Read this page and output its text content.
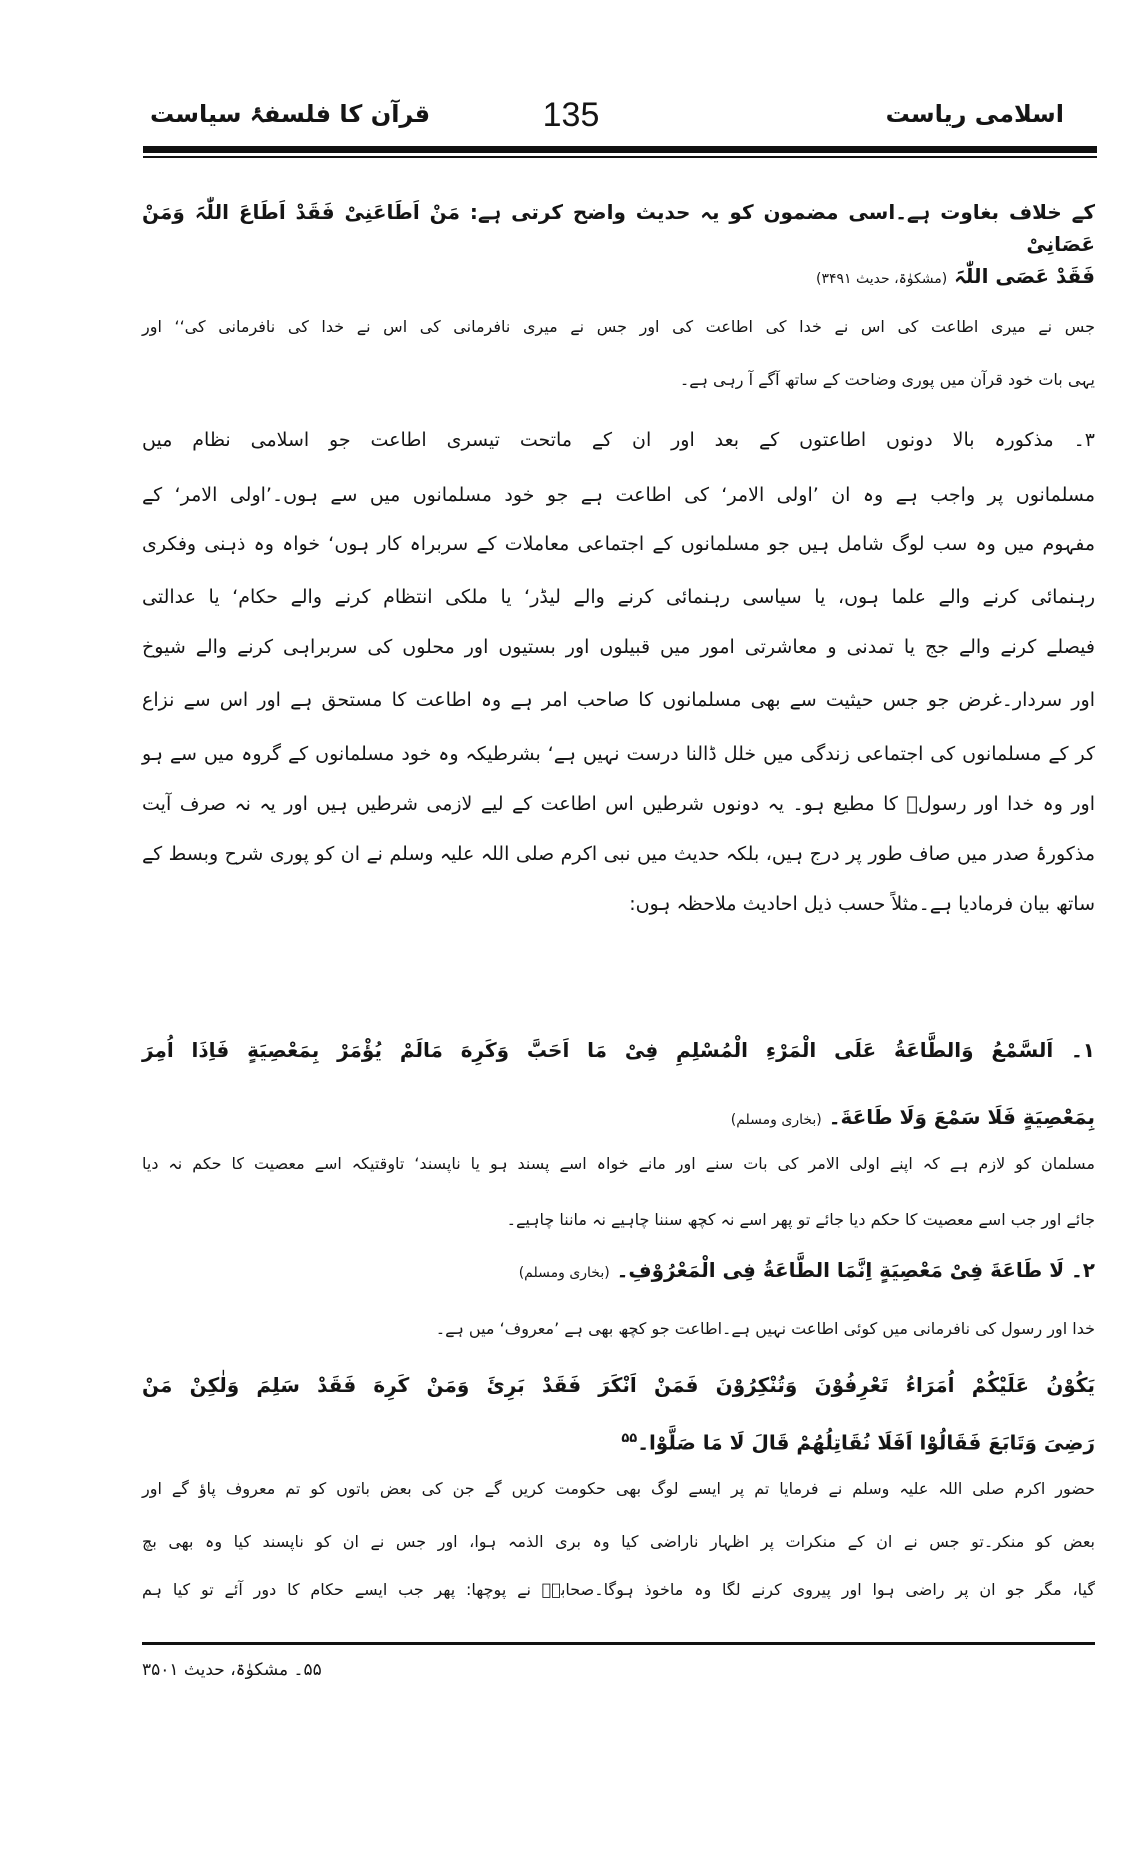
قرآن کا فلسفۂ سیاست	135	اسلامی ریاست
کے خلاف بغاوت ہے۔اسی مضمون کو یہ حدیث واضح کرتی ہے: مَنْ اَطَاعَنِیْ فَقَدْ اَطَاعَ اللّٰہَ وَمَنْ عَصَانِیْ
فَقَدْ عَصَی اللّٰہَ (مشکوٰۃ، حدیث ۳۴۹۱)
جس نے میری اطاعت کی اس نے خدا کی اطاعت کی اور جس نے میری نافرمانی کی اس نے خدا کی نافرمانی کی‘‘ اور
یہی بات خود قرآن میں پوری وضاحت کے ساتھ آگے آ رہی ہے۔
۳۔ مذکورہ بالا دونوں اطاعتوں کے بعد اور ان کے ماتحت تیسری اطاعت جو اسلامی نظام میں
مسلمانوں پر واجب ہے وہ ان ’اولی الامر‘ کی اطاعت ہے جو خود مسلمانوں میں سے ہوں۔’اولی الامر‘ کے
مفہوم میں وہ سب لوگ شامل ہیں جو مسلمانوں کے اجتماعی معاملات کے سربراہ کار ہوں‘ خواہ وہ ذہنی وفکری
رہنمائی کرنے والے علما ہوں، یا سیاسی رہنمائی کرنے والے لیڈر‘ یا ملکی انتظام کرنے والے حکام‘ یا عدالتی
فیصلے کرنے والے جج یا تمدنی و معاشرتی امور میں قبیلوں اور بستیوں اور محلوں کی سربراہی کرنے والے شیوخ
اور سردار۔غرض جو جس حیثیت سے بھی مسلمانوں کا صاحب امر ہے وہ اطاعت کا مستحق ہے اور اس سے نزاع
کر کے مسلمانوں کی اجتماعی زندگی میں خلل ڈالنا درست نہیں ہے‘ بشرطیکہ وہ خود مسلمانوں کے گروہ میں سے ہو
اور وہ خدا اور رسولؐ کا مطیع ہو۔ یہ دونوں شرطیں اس اطاعت کے لیے لازمی شرطیں ہیں اور یہ نہ صرف آیت
مذکورۂ صدر میں صاف طور پر درج ہیں، بلکہ حدیث میں نبی اکرم صلی اللہ علیہ وسلم نے ان کو پوری شرح وبسط کے
ساتھ بیان فرمادیا ہے۔مثلاً حسب ذیل احادیث ملاحظہ ہوں:
۱۔ اَلسَّمْعُ وَالطَّاعَةُ عَلَی الْمَرْءِ الْمُسْلِمِ فِیْ مَا اَحَبَّ وَكَرِهَ مَالَمْ یُؤْمَرْ بِمَعْصِیَةٍ فَاِذَا اُمِرَ
بِمَعْصِیَةٍ فَلَا سَمْعَ وَلَا طَاعَةَ۔ (بخاری ومسلم)
مسلمان کو لازم ہے کہ اپنے اولی الامر کی بات سنے اور مانے خواہ اسے پسند ہو یا ناپسند‘ تاوقتیکہ اسے معصیت کا حکم نہ دیا
جائے اور جب اسے معصیت کا حکم دیا جائے تو پھر اسے نہ کچھ سننا چاہیے نہ ماننا چاہیے۔
۲۔ لَا طَاعَةَ فِیْ مَعْصِیَةٍ اِنَّمَا الطَّاعَةُ فِی الْمَعْرُوْفِ۔ (بخاری ومسلم)
خدا اور رسول کی نافرمانی میں کوئی اطاعت نہیں ہے۔اطاعت جو کچھ بھی ہے ’معروف‘ میں ہے۔
یَكُوْنُ عَلَیْكُمْ اُمَرَاءُ تَعْرِفُوْنَ وَتُنْكِرُوْنَ فَمَنْ اَنْكَرَ فَقَدْ بَرِئَ وَمَنْ كَرِهَ فَقَدْ سَلِمَ وَلٰكِنْ مَنْ
رَضِیَ وَتَابَعَ فَقَالُوْا اَفَلَا نُقَاتِلُهُمْ قَالَ لَا مَا صَلَّوْا۔$^{۵۵}$
حضور اکرم صلی اللہ علیہ وسلم نے فرمایا تم پر ایسے لوگ بھی حکومت کریں گے جن کی بعض باتوں کو تم معروف پاؤ گے اور
بعض کو منکر۔تو جس نے ان کے منکرات پر اظہار ناراضی کیا وہ بری الذمہ ہوا، اور جس نے ان کو ناپسند کیا وہ بھی بچ
گیا، مگر جو ان پر راضی ہوا اور پیروی کرنے لگا وہ ماخوذ ہوگا۔صحابہؓ نے پوچھا: پھر جب ایسے حکام کا دور آئے تو کیا ہم
۵۵۔ مشکوٰۃ، حدیث ۳۵۰۱
